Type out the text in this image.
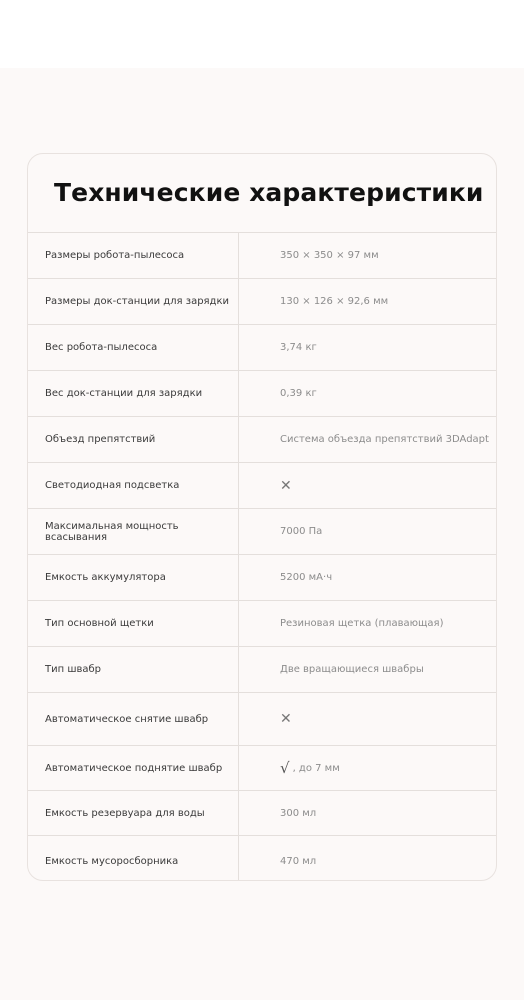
Технические характеристики
Размеры робота-пылесоса	350 × 350 × 97 мм
Размеры док-станции для зарядки	130 × 126 × 92,6 мм
Вес робота-пылесоса	3,74 кг
Вес док-станции для зарядки	0,39 кг
Объезд препятствий	Система объезда препятствий 3DAdapt
Светодиодная подсветка	✕
Максимальная мощность всасывания	7000 Па
Емкость аккумулятора	5200 мА·ч
Тип основной щетки	Резиновая щетка (плавающая)
Тип швабр	Две вращающиеся швабры
Автоматическое снятие швабр	✕
Автоматическое поднятие швабр	√ , до 7 мм
Емкость резервуара для воды	300 мл
Емкость мусоросборника	470 мл
